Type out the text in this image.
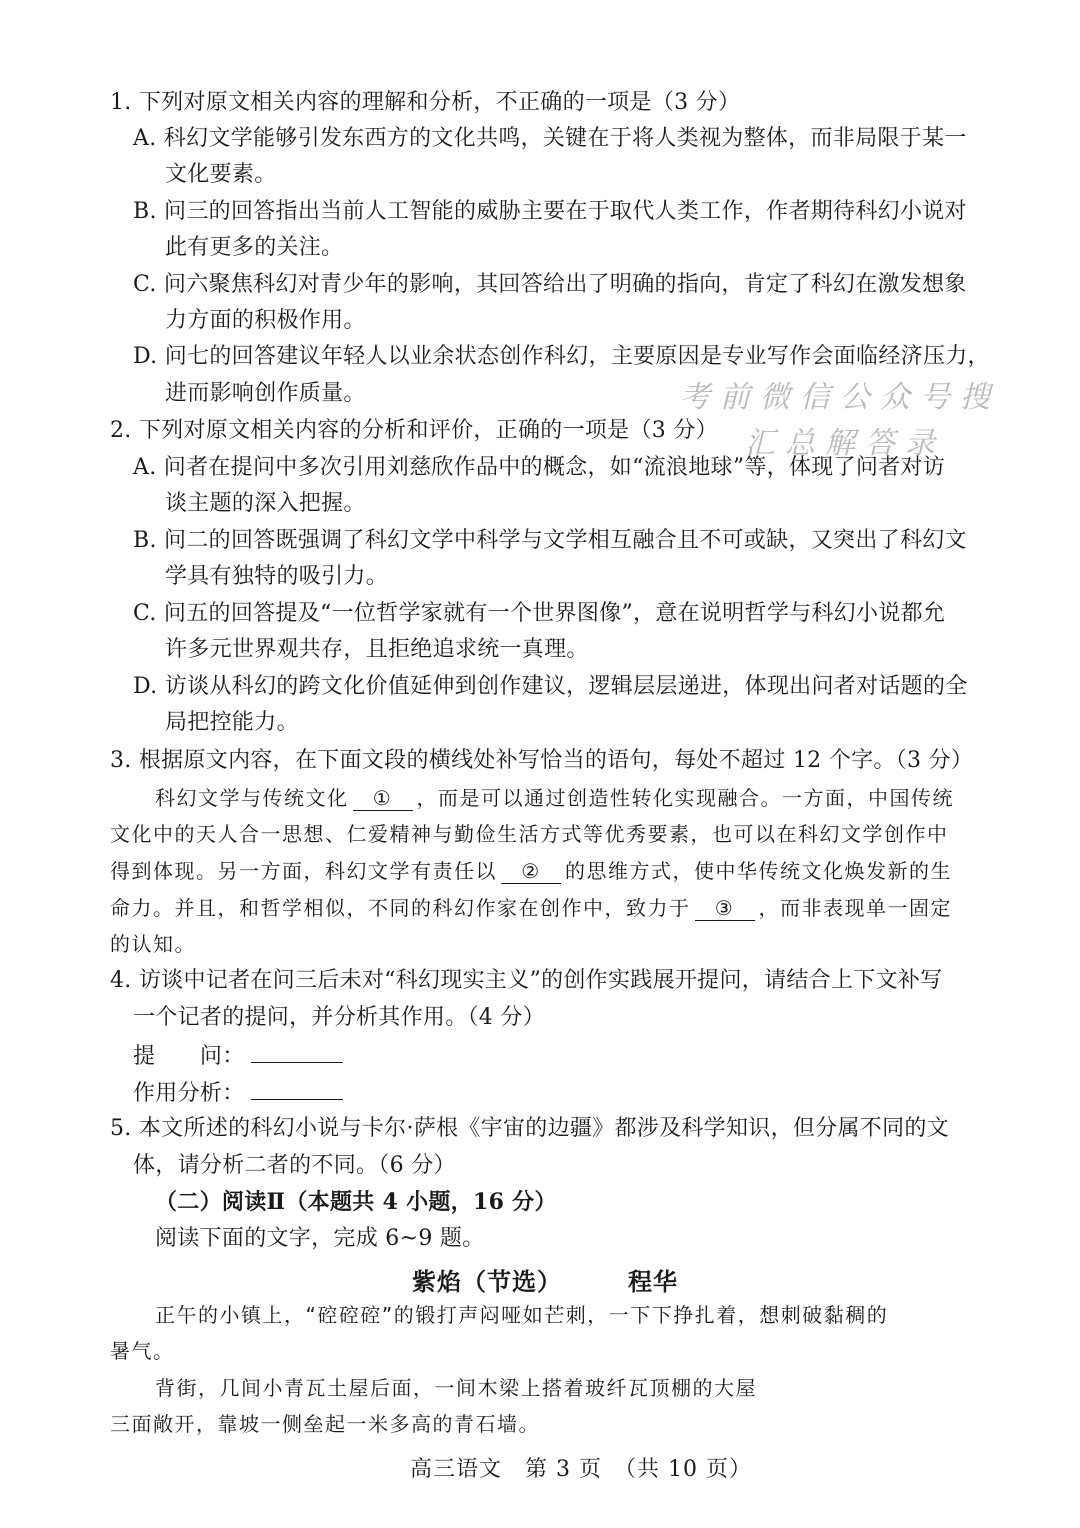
1. 下列对原文相关内容的理解和分析，不正确的一项是（3 分）
A. 科幻文学能够引发东西方的文化共鸣，关键在于将人类视为整体，而非局限于某一
文化要素。
B. 问三的回答指出当前人工智能的威胁主要在于取代人类工作，作者期待科幻小说对
此有更多的关注。
C. 问六聚焦科幻对青少年的影响，其回答给出了明确的指向，肯定了科幻在激发想象
力方面的积极作用。
D. 问七的回答建议年轻人以业余状态创作科幻，主要原因是专业写作会面临经济压力，
进而影响创作质量。	考前微信公众号搜
汇总解答录
2. 下列对原文相关内容的分析和评价，正确的一项是（3 分）
A. 问者在提问中多次引用刘慈欣作品中的概念，如“流浪地球”等，体现了问者对访
谈主题的深入把握。
B. 问二的回答既强调了科幻文学中科学与文学相互融合且不可或缺，又突出了科幻文
学具有独特的吸引力。
C. 问五的回答提及“一位哲学家就有一个世界图像”，意在说明哲学与科幻小说都允
许多元世界观共存，且拒绝追求统一真理。
D. 访谈从科幻的跨文化价值延伸到创作建议，逻辑层层递进，体现出问者对话题的全
局把控能力。
3. 根据原文内容，在下面文段的横线处补写恰当的语句，每处不超过 12 个字。（3 分）
科幻文学与传统文化 ① ，而是可以通过创造性转化实现融合。一方面，中国传统
文化中的天人合一思想、仁爱精神与勤俭生活方式等优秀要素，也可以在科幻文学创作中
得到体现。另一方面，科幻文学有责任以 ② 的思维方式，使中华传统文化焕发新的生
命力。并且，和哲学相似，不同的科幻作家在创作中，致力于 ③ ，而非表现单一固定
的认知。
4. 访谈中记者在问三后未对“科幻现实主义”的创作实践展开提问，请结合上下文补写
一个记者的提问，并分析其作用。（4 分）
提　　问：
作用分析：
5. 本文所述的科幻小说与卡尔·萨根《宇宙的边疆》都涉及科学知识，但分属不同的文
体，请分析二者的不同。（6 分）
（二）阅读Ⅱ（本题共 4 小题，16 分）
阅读下面的文字，完成 6~9 题。
紫焰（节选）	程华
正午的小镇上，“硿硿硿”的锻打声闷哑如芒刺，一下下挣扎着，想刺破黏稠的
暑气。
背街，几间小青瓦土屋后面，一间木梁上搭着玻纤瓦顶棚的大屋
三面敞开，靠坡一侧垒起一米多高的青石墙。
高三语文　第 3 页　（共 10 页）
